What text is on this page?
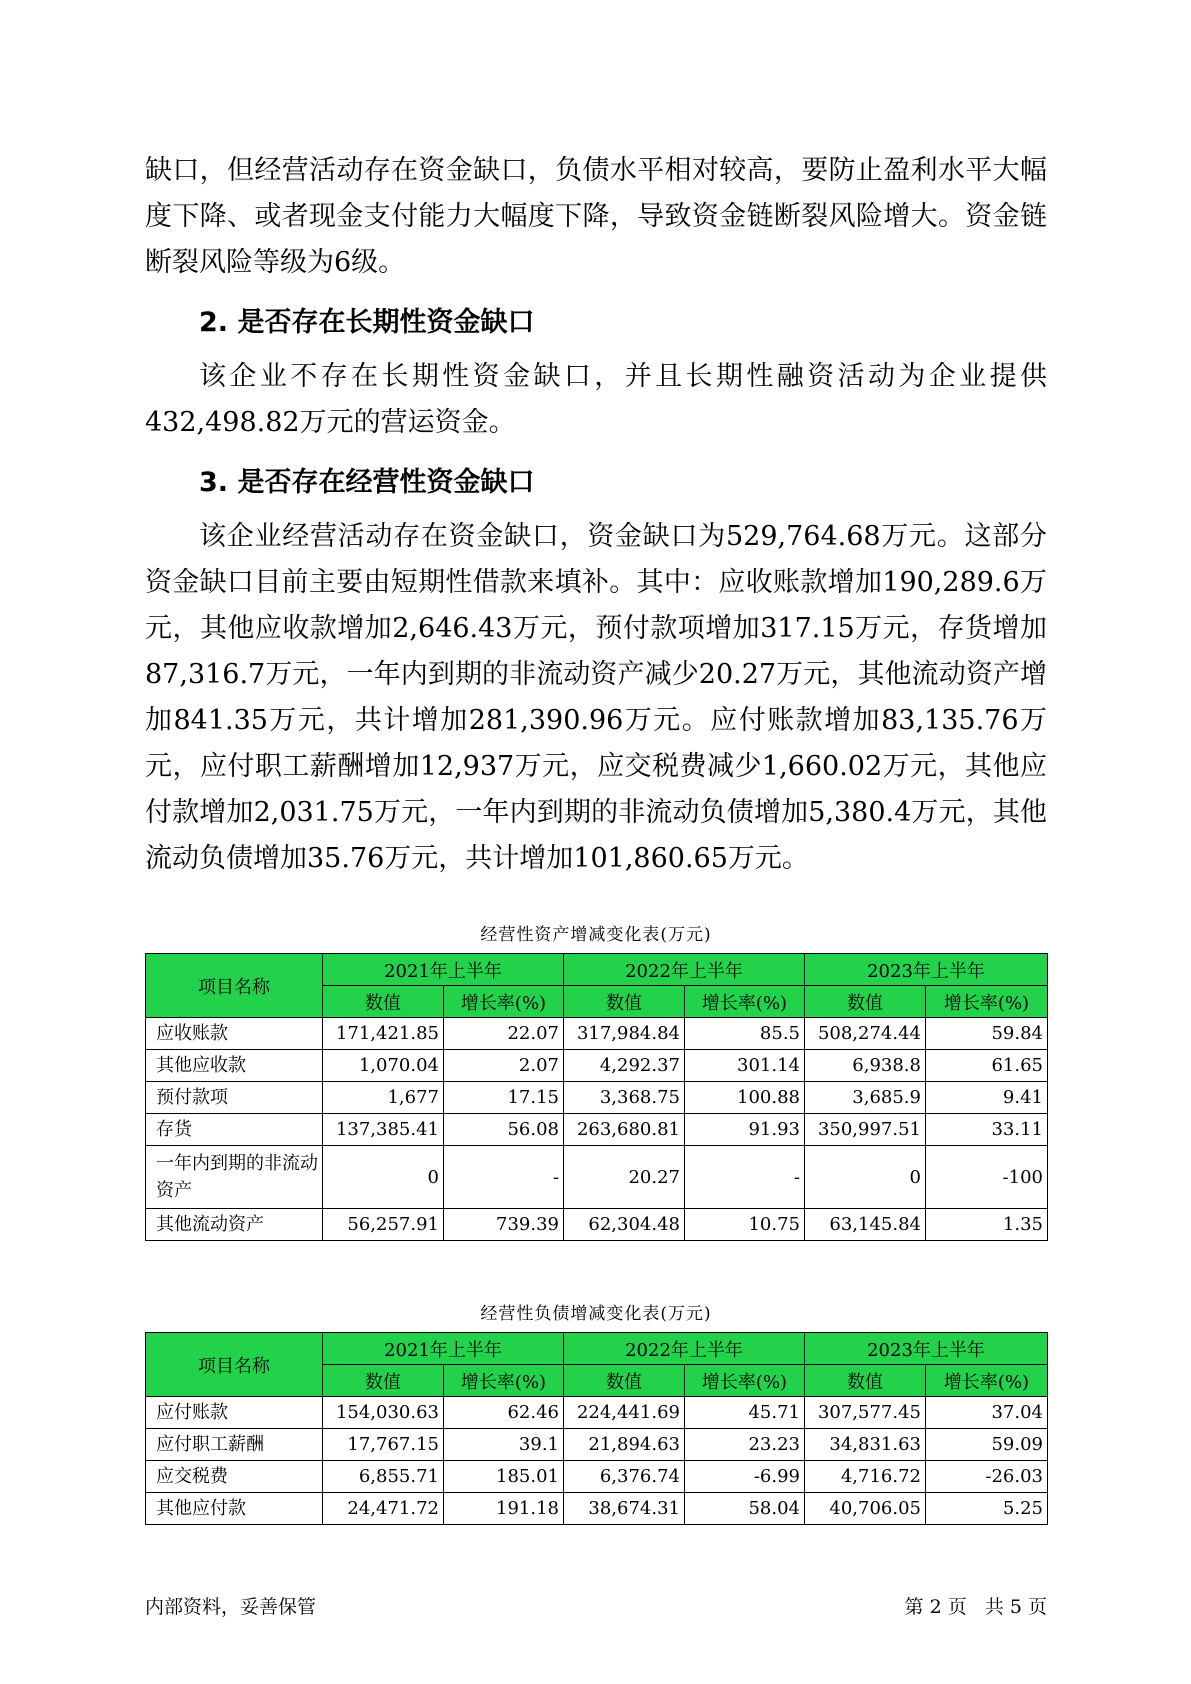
缺口，但经营活动存在资金缺口，负债水平相对较高，要防止盈利水平大幅度下降、或者现金支付能力大幅度下降，导致资金链断裂风险增大。资金链断裂风险等级为6级。

2. 是否存在长期性资金缺口

该企业不存在长期性资金缺口，并且长期性融资活动为企业提供432,498.82万元的营运资金。

3. 是否存在经营性资金缺口

该企业经营活动存在资金缺口，资金缺口为529,764.68万元。这部分资金缺口目前主要由短期性借款来填补。其中：应收账款增加190,289.6万元，其他应收款增加2,646.43万元，预付款项增加317.15万元，存货增加87,316.7万元，一年内到期的非流动资产减少20.27万元，其他流动资产增加841.35万元，共计增加281,390.96万元。应付账款增加83,135.76万元，应付职工薪酬增加12,937万元，应交税费减少1,660.02万元，其他应付款增加2,031.75万元，一年内到期的非流动负债增加5,380.4万元，其他流动负债增加35.76万元，共计增加101,860.65万元。

经营性资产增减变化表(万元)
项目名称	2021年上半年		2022年上半年		2023年上半年	
	数值	增长率(%)	数值	增长率(%)	数值	增长率(%)
应收账款	171,421.85	22.07	317,984.84	85.5	508,274.44	59.84
其他应收款	1,070.04	2.07	4,292.37	301.14	6,938.8	61.65
预付款项	1,677	17.15	3,368.75	100.88	3,685.9	9.41
存货	137,385.41	56.08	263,680.81	91.93	350,997.51	33.11
一年内到期的非流动资产	0	-	20.27	-	0	-100
其他流动资产	56,257.91	739.39	62,304.48	10.75	63,145.84	1.35
经营性负债增减变化表(万元)
项目名称	2021年上半年		2022年上半年		2023年上半年	
	数值	增长率(%)	数值	增长率(%)	数值	增长率(%)
应付账款	154,030.63	62.46	224,441.69	45.71	307,577.45	37.04
应付职工薪酬	17,767.15	39.1	21,894.63	23.23	34,831.63	59.09
应交税费	6,855.71	185.01	6,376.74	-6.99	4,716.72	-26.03
其他应付款	24,471.72	191.18	38,674.31	58.04	40,706.05	5.25
内部资料，妥善保管	第 2 页   共 5 页
